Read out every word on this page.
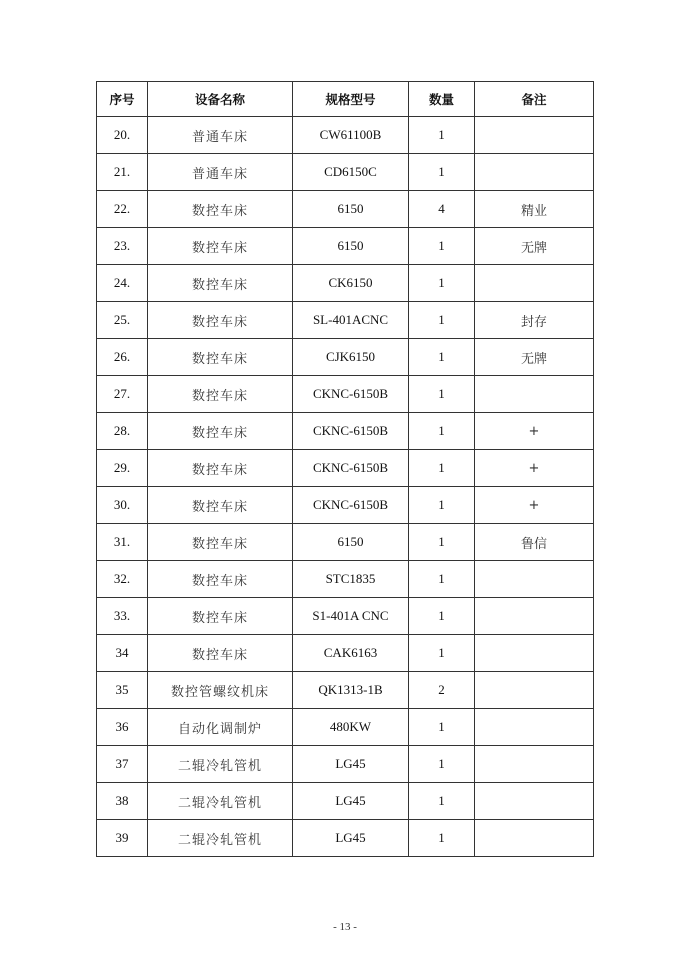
序号	设备名称	规格型号	数量	备注
20.	普通车床	CW61100B	1	
21.	普通车床	CD6150C	1	
22.	数控车床	6150	4	精业
23.	数控车床	6150	1	无牌
24.	数控车床	CK6150	1	
25.	数控车床	SL-401ACNC	1	封存
26.	数控车床	CJK6150	1	无牌
27.	数控车床	CKNC-6150B	1	
28.	数控车床	CKNC-6150B	1	+
29.	数控车床	CKNC-6150B	1	+
30.	数控车床	CKNC-6150B	1	+
31.	数控车床	6150	1	鲁信
32.	数控车床	STC1835	1	
33.	数控车床	S1-401A CNC	1	
34	数控车床	CAK6163	1	
35	数控管螺纹机床	QK1313-1B	2	
36	自动化调制炉	480KW	1	
37	二辊冷轧管机	LG45	1	
38	二辊冷轧管机	LG45	1	
39	二辊冷轧管机	LG45	1	
- 13 -
